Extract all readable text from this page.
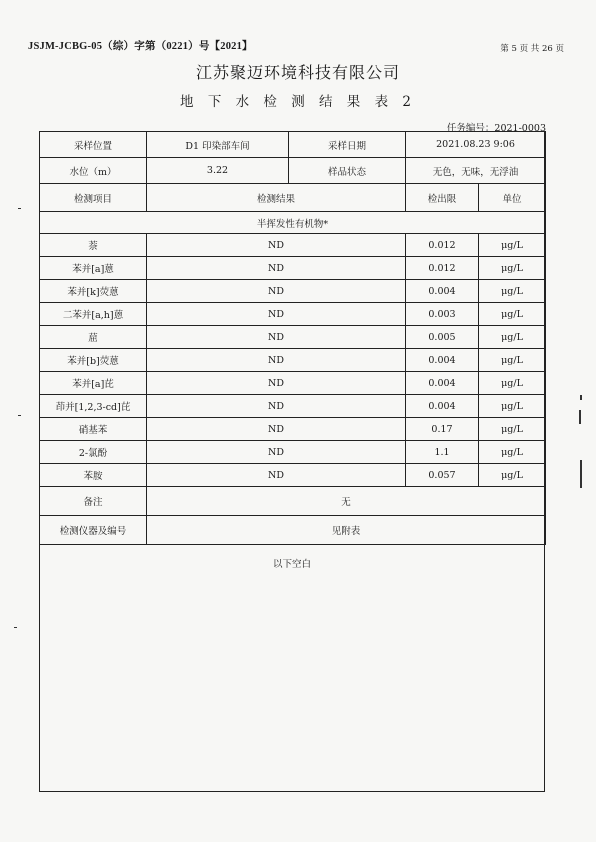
JSJM-JCBG-05（综）字第（0221）号【2021】	第 5 页 共 26 页
江苏聚迈环境科技有限公司
地 下 水 检 测 结 果 表 2
任务编号：2021-0003
采样位置	D1 印染部车间	采样日期	2021.08.23 9:06	
水位（m）	3.22	样品状态	无色，无味，无浮油	
检测项目	检测结果		检出限	单位
半挥发性有机物*				
萘	ND		0.012	μg/L
苯并[a]蒽	ND		0.012	μg/L
苯并[k]荧蒽	ND		0.004	μg/L
二苯并[a,h]蒽	ND		0.003	μg/L
䓛	ND		0.005	μg/L
苯并[b]荧蒽	ND		0.004	μg/L
苯并[a]芘	ND		0.004	μg/L
茚并[1,2,3-cd]芘	ND		0.004	μg/L
硝基苯	ND		0.17	μg/L
2-氯酚	ND		1.1	μg/L
苯胺	ND		0.057	μg/L
备注	无			
检测仪器及编号	见附表			
以下空白
